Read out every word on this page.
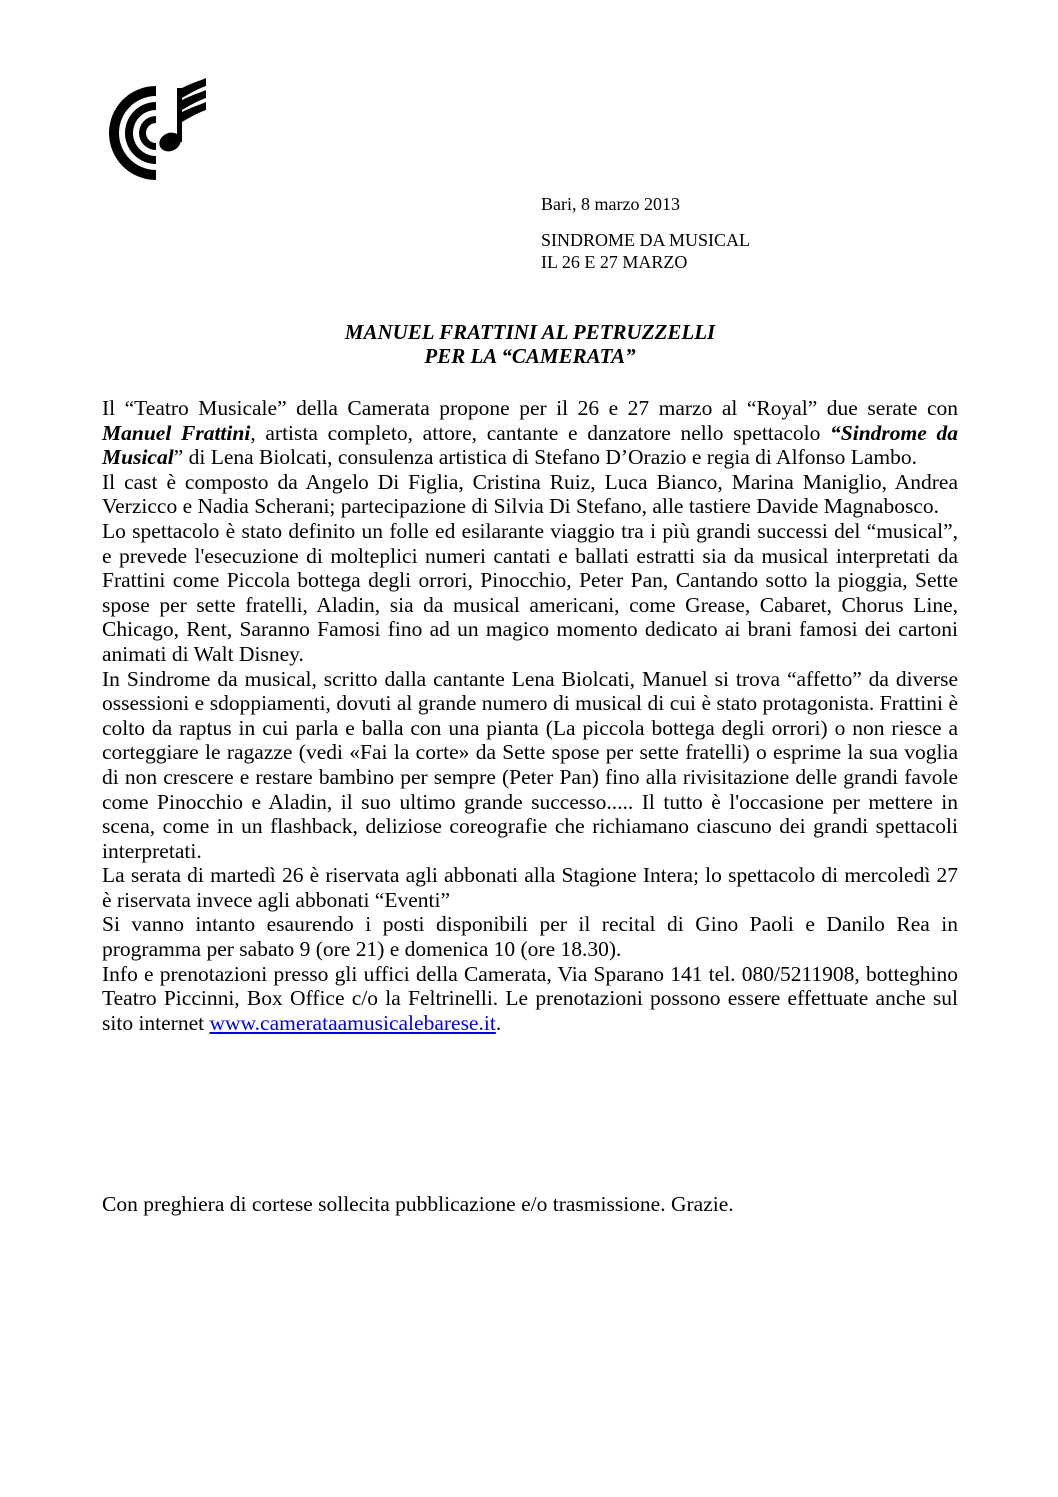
Bari, 8 marzo 2013
SINDROME DA MUSICAL
IL 26 E 27 MARZO
MANUEL FRATTINI AL PETRUZZELLI
PER LA “CAMERATA”

Il “Teatro Musicale” della Camerata propone per il 26 e 27 marzo al “Royal” due serate con Manuel Frattini, artista completo, attore, cantante e danzatore nello spettacolo “Sindrome da Musical” di Lena Biolcati, consulenza artistica di Stefano D’Orazio e regia di Alfonso Lambo.

Il cast è composto da Angelo Di Figlia, Cristina Ruiz, Luca Bianco, Marina Maniglio, Andrea Verzicco e Nadia Scherani; partecipazione di Silvia Di Stefano, alle tastiere Davide Magnabosco.

Lo spettacolo è stato definito un folle ed esilarante viaggio tra i più grandi successi del “musical”,

e prevede l'esecuzione di molteplici numeri cantati e ballati estratti sia da musical interpretati da Frattini come Piccola bottega degli orrori, Pinocchio, Peter Pan, Cantando sotto la pioggia, Sette spose per sette fratelli, Aladin, sia da musical americani, come Grease, Cabaret, Chorus Line, Chicago, Rent, Saranno Famosi fino ad un magico momento dedicato ai brani famosi dei cartoni animati di Walt Disney.

In Sindrome da musical, scritto dalla cantante Lena Biolcati, Manuel si trova “affetto” da diverse ossessioni e sdoppiamenti, dovuti al grande numero di musical di cui è stato protagonista. Frattini è colto da raptus in cui parla e balla con una pianta (La piccola bottega degli orrori) o non riesce a corteggiare le ragazze (vedi «Fai la corte» da Sette spose per sette fratelli) o esprime la sua voglia di non crescere e restare bambino per sempre (Peter Pan) fino alla rivisitazione delle grandi favole come Pinocchio e Aladin, il suo ultimo grande successo..... Il tutto è l'occasione per mettere in scena, come in un flashback, deliziose coreografie che richiamano ciascuno dei grandi spettacoli interpretati.

La serata di martedì 26 è riservata agli abbonati alla Stagione Intera; lo spettacolo di mercoledì 27 è riservata invece agli abbonati “Eventi”

Si vanno intanto esaurendo i posti disponibili per il recital di Gino Paoli e Danilo Rea in programma per sabato 9 (ore 21) e domenica 10 (ore 18.30).

Info e prenotazioni presso gli uffici della Camerata, Via Sparano 141 tel. 080/5211908, botteghino Teatro Piccinni, Box Office c/o la Feltrinelli. Le prenotazioni possono essere effettuate anche sul sito internet www.camerataamusicalebarese.it.

Con preghiera di cortese sollecita pubblicazione e/o trasmissione. Grazie.
